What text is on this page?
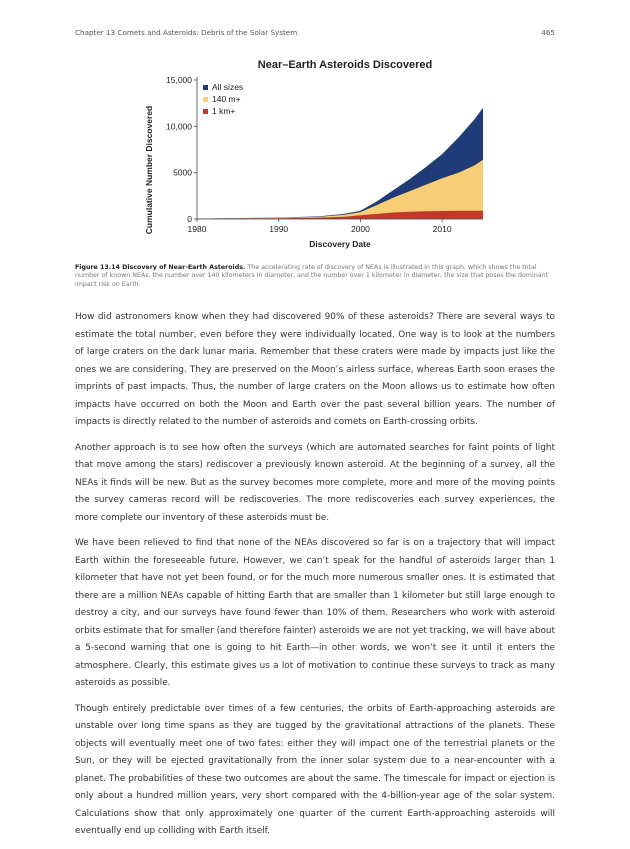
Chapter 13 Comets and Asteroids: Debris of the Solar System	465
1980	1990	2000	2010
0
5000
10,000
15,000
All sizes
140 m+
1 km+
Near–Earth Asteroids Discovered
Discovery Date
Cumulative Number Discovered
Figure 13.14 Discovery of Near-Earth Asteroids. The accelerating rate of discovery of NEAs is illustrated in this graph, which shows the total number of known NEAs, the number over 140 kilometers in diameter, and the number over 1 kilometer in diameter, the size that poses the dominant impact risk on Earth.

How did astronomers know when they had discovered 90% of these asteroids? There are several ways to estimate the total number, even before they were individually located. One way is to look at the numbers of large craters on the dark lunar maria. Remember that these craters were made by impacts just like the ones we are considering. They are preserved on the Moon’s airless surface, whereas Earth soon erases the imprints of past impacts. Thus, the number of large craters on the Moon allows us to estimate how often impacts have occurred on both the Moon and Earth over the past several billion years. The number of impacts is directly related to the number of asteroids and comets on Earth-crossing orbits.

Another approach is to see how often the surveys (which are automated searches for faint points of light that move among the stars) rediscover a previously known asteroid. At the beginning of a survey, all the NEAs it finds will be new. But as the survey becomes more complete, more and more of the moving points the survey cameras record will be rediscoveries. The more rediscoveries each survey experiences, the more complete our inventory of these asteroids must be.

We have been relieved to find that none of the NEAs discovered so far is on a trajectory that will impact Earth within the foreseeable future. However, we can’t speak for the handful of asteroids larger than 1 kilometer that have not yet been found, or for the much more numerous smaller ones. It is estimated that there are a million NEAs capable of hitting Earth that are smaller than 1 kilometer but still large enough to destroy a city, and our surveys have found fewer than 10% of them. Researchers who work with asteroid orbits estimate that for smaller (and therefore fainter) asteroids we are not yet tracking, we will have about a 5-second warning that one is going to hit Earth—in other words, we won’t see it until it enters the atmosphere. Clearly, this estimate gives us a lot of motivation to continue these surveys to track as many asteroids as possible.

Though entirely predictable over times of a few centuries, the orbits of Earth-approaching asteroids are unstable over long time spans as they are tugged by the gravitational attractions of the planets. These objects will eventually meet one of two fates: either they will impact one of the terrestrial planets or the Sun, or they will be ejected gravitationally from the inner solar system due to a near-encounter with a planet. The probabilities of these two outcomes are about the same. The timescale for impact or ejection is only about a hundred million years, very short compared with the 4-billion-year age of the solar system. Calculations show that only approximately one quarter of the current Earth-approaching asteroids will eventually end up colliding with Earth itself.
